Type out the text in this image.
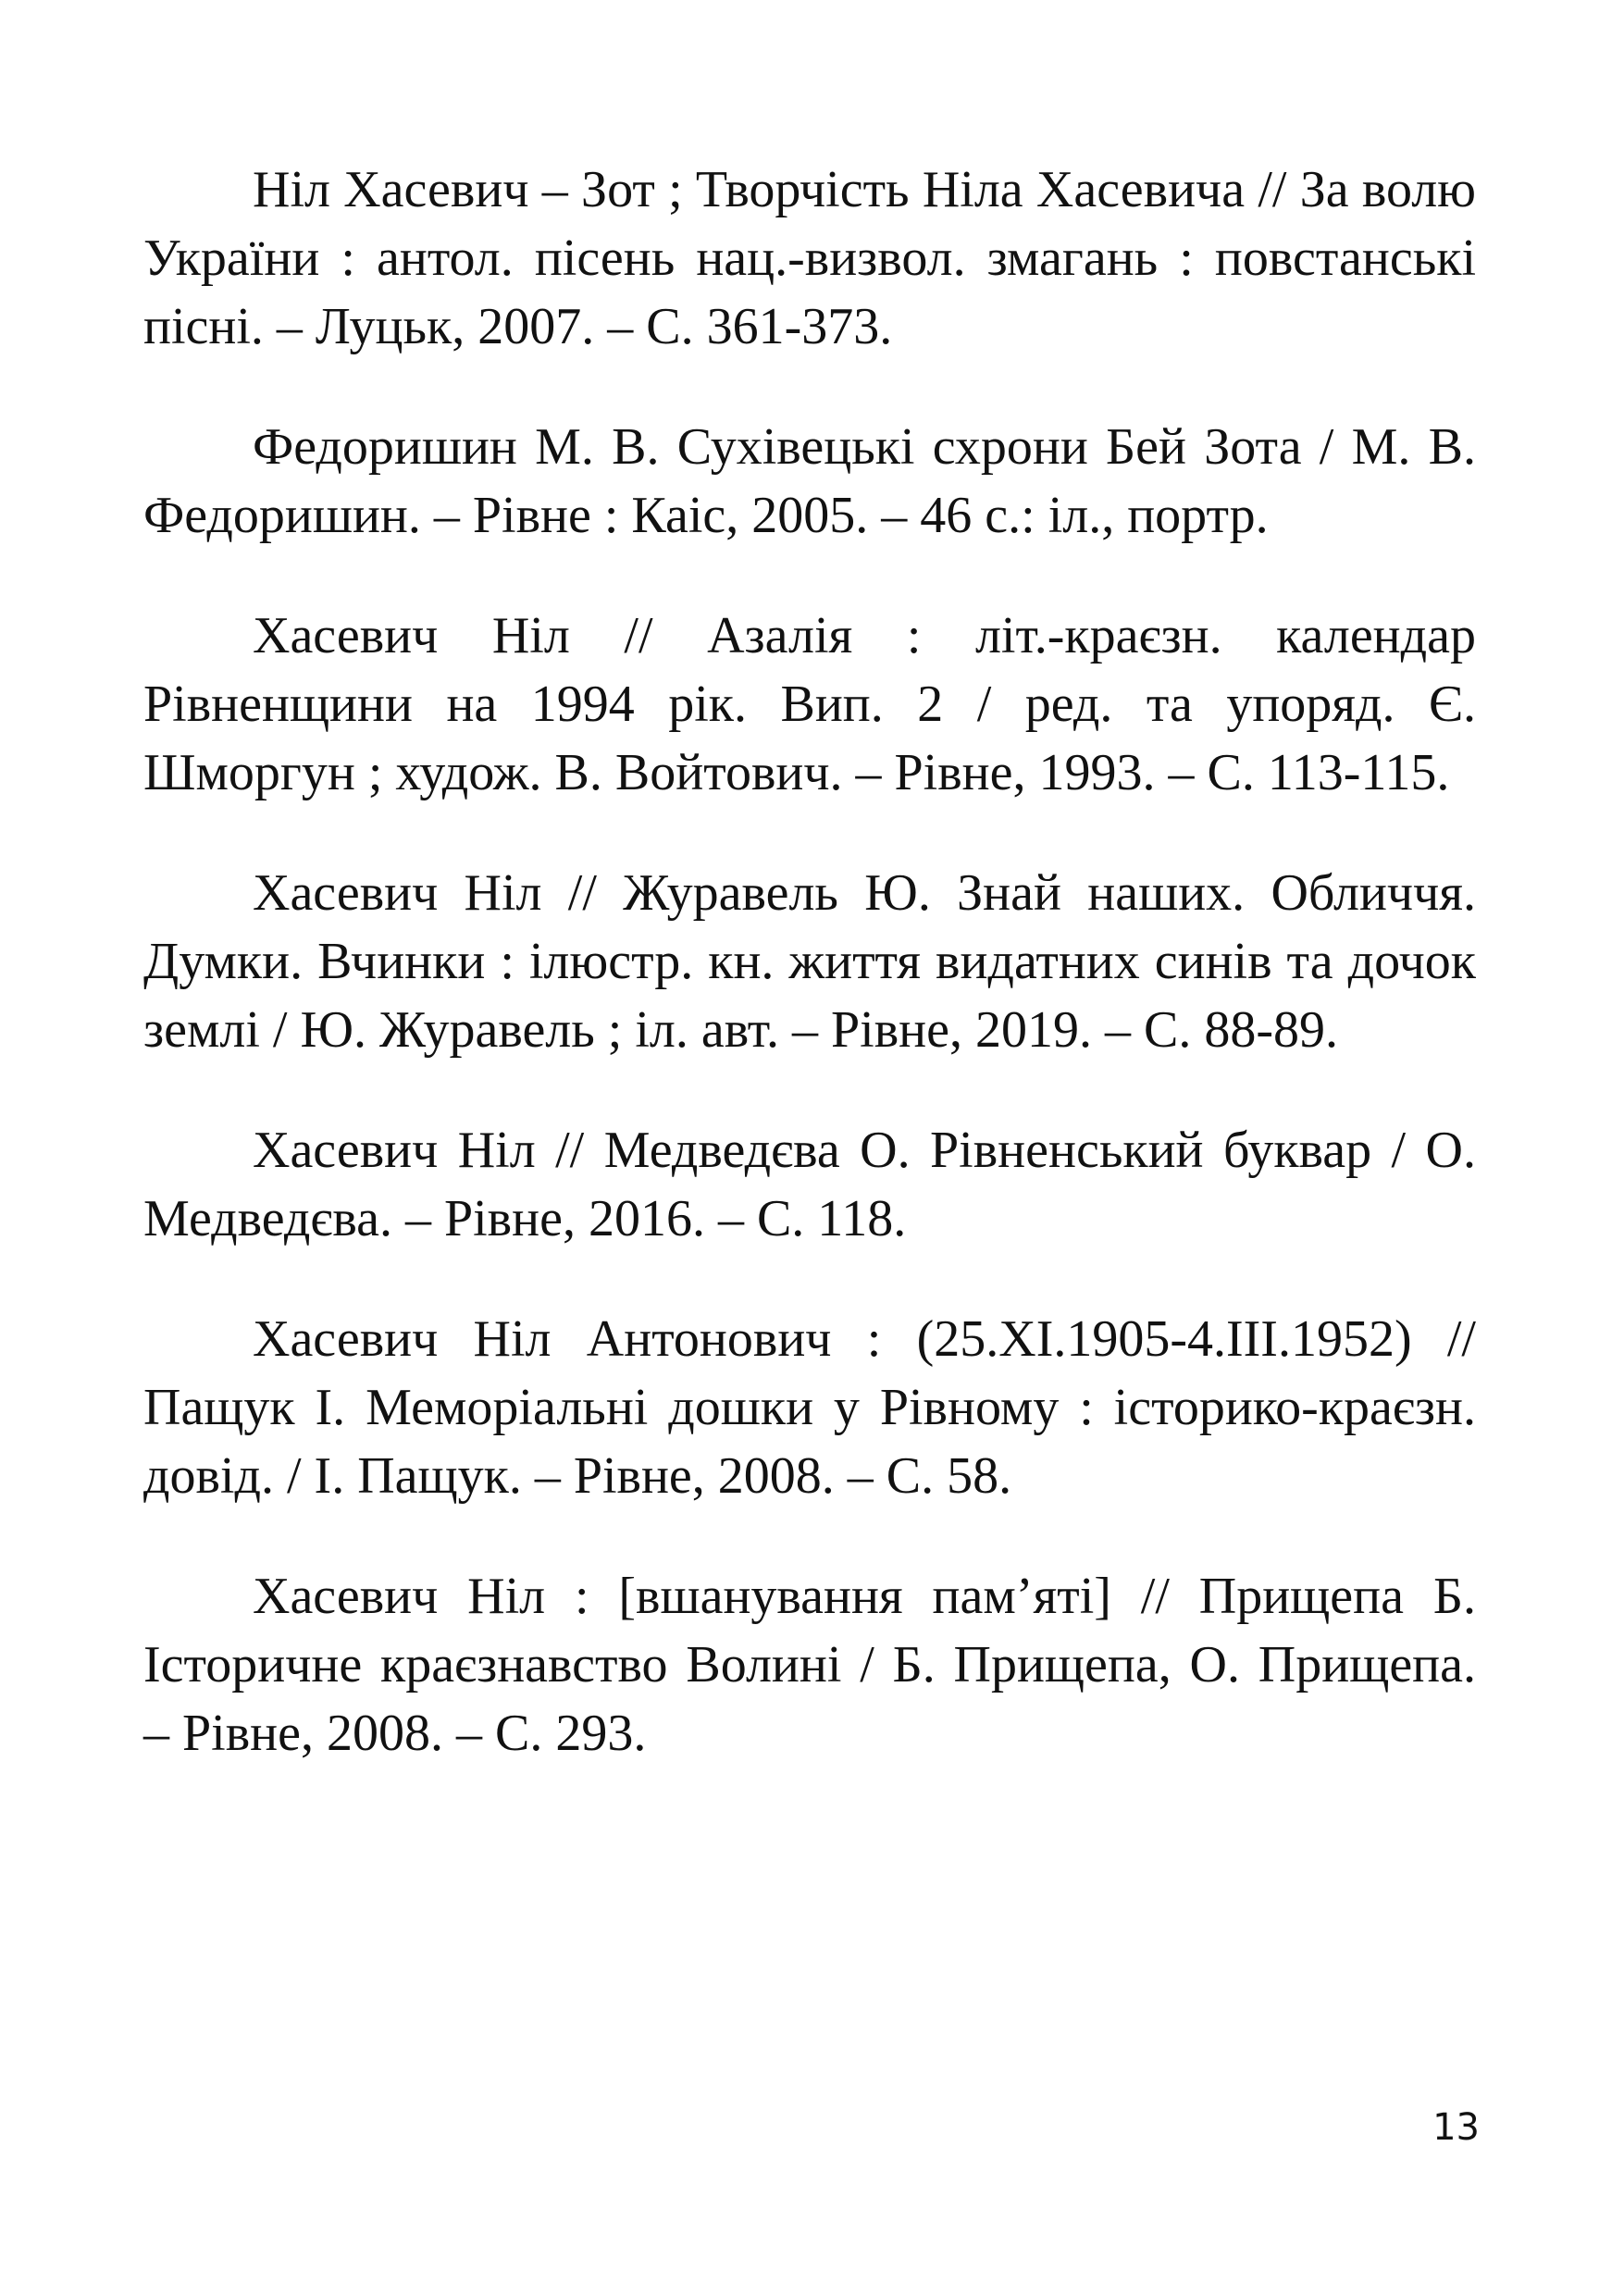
Ніл Хасевич – Зот ; Творчість Ніла Хасевича // За волю України : антол. пісень нац.-визвол. змагань : повстанські пісні. – Луцьк, 2007. – С. 361-373.

Федоришин М. В. Сухівецькі схрони Бей Зота / М. В. Федоришин. – Рівне : Каіс, 2005. – 46 с.: іл., портр.

Хасевич Ніл // Азалія : літ.-краєзн. календар Рівненщини на 1994 рік. Вип. 2 / ред. та упоряд. Є. Шморгун ; худож. В. Войтович. – Рівне, 1993. – С. 113-115.

Хасевич Ніл // Журавель Ю. Знай наших. Обличчя. Думки. Вчинки : ілюстр. кн. життя видатних синів та дочок землі / Ю. Журавель ; іл. авт. – Рівне, 2019. – С. 88-89.

Хасевич Ніл // Медведєва О. Рівненський буквар / О. Медведєва. – Рівне, 2016. – С. 118.

Хасевич Ніл Антонович : (25.XI.1905-4.III.1952) // Пащук І. Меморіальні дошки у Рівному : історико-краєзн. довід. / І. Пащук. – Рівне, 2008. – С. 58.

Хасевич Ніл : [вшанування пам’яті] // Прищепа Б. Історичне краєзнавство Волині / Б. Прищепа, О. Прищепа. – Рівне, 2008. – С. 293.

13
